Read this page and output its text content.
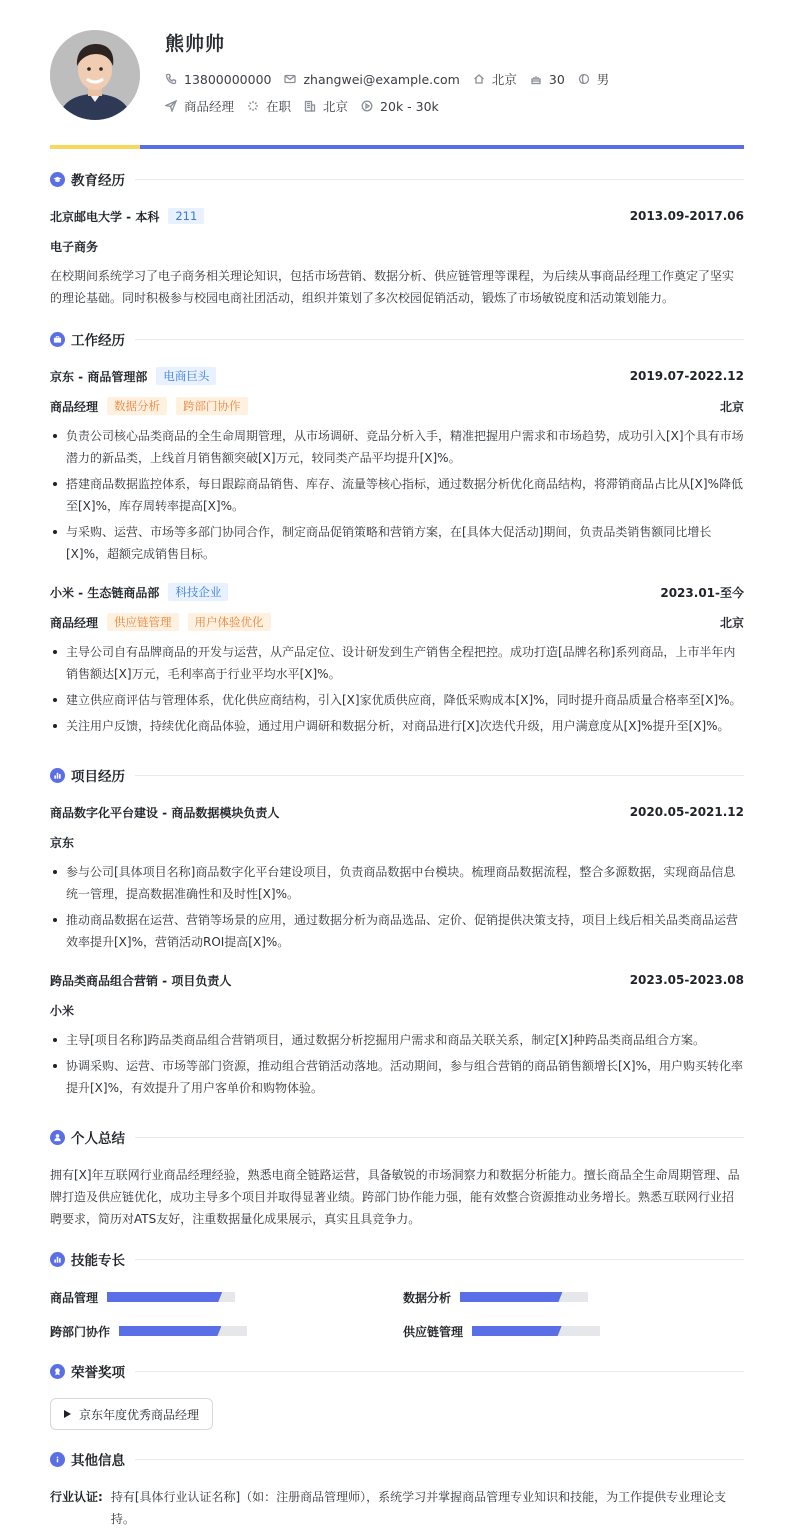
熊帅帅
13800000000	zhangwei@example.com	北京	30	男
商品经理	在职	北京	20k - 30k
教育经历
北京邮电大学 - 本科	211	2013.09-2017.06
电子商务
在校期间系统学习了电子商务相关理论知识，包括市场营销、数据分析、供应链管理等课程，为后续从事商品经理工作奠定了坚实的理论基础。同时积极参与校园电商社团活动，组织并策划了多次校园促销活动，锻炼了市场敏锐度和活动策划能力。
工作经历
京东 - 商品管理部	电商巨头	2019.07-2022.12
商品经理	数据分析	跨部门协作	北京
负责公司核心品类商品的全生命周期管理，从市场调研、竞品分析入手，精准把握用户需求和市场趋势，成功引入[X]个具有市场潜力的新品类，上线首月销售额突破[X]万元，较同类产品平均提升[X]%。
搭建商品数据监控体系，每日跟踪商品销售、库存、流量等核心指标，通过数据分析优化商品结构，将滞销商品占比从[X]%降低至[X]%，库存周转率提高[X]%。
与采购、运营、市场等多部门协同合作，制定商品促销策略和营销方案，在[具体大促活动]期间，负责品类销售额同比增长[X]%，超额完成销售目标。
小米 - 生态链商品部	科技企业	2023.01-至今
商品经理	供应链管理	用户体验优化	北京
主导公司自有品牌商品的开发与运营，从产品定位、设计研发到生产销售全程把控。成功打造[品牌名称]系列商品，上市半年内销售额达[X]万元，毛利率高于行业平均水平[X]%。
建立供应商评估与管理体系，优化供应商结构，引入[X]家优质供应商，降低采购成本[X]%，同时提升商品质量合格率至[X]%。
关注用户反馈，持续优化商品体验，通过用户调研和数据分析，对商品进行[X]次迭代升级，用户满意度从[X]%提升至[X]%。
项目经历
商品数字化平台建设 - 商品数据模块负责人	2020.05-2021.12
京东
参与公司[具体项目名称]商品数字化平台建设项目，负责商品数据中台模块。梳理商品数据流程，整合多源数据，实现商品信息统一管理，提高数据准确性和及时性[X]%。
推动商品数据在运营、营销等场景的应用，通过数据分析为商品选品、定价、促销提供决策支持，项目上线后相关品类商品运营效率提升[X]%，营销活动ROI提高[X]%。
跨品类商品组合营销 - 项目负责人	2023.05-2023.08
小米
主导[项目名称]跨品类商品组合营销项目，通过数据分析挖掘用户需求和商品关联关系，制定[X]种跨品类商品组合方案。
协调采购、运营、市场等部门资源，推动组合营销活动落地。活动期间，参与组合营销的商品销售额增长[X]%，用户购买转化率提升[X]%，有效提升了用户客单价和购物体验。
个人总结
拥有[X]年互联网行业商品经理经验，熟悉电商全链路运营，具备敏锐的市场洞察力和数据分析能力。擅长商品全生命周期管理、品牌打造及供应链优化，成功主导多个项目并取得显著业绩。跨部门协作能力强，能有效整合资源推动业务增长。熟悉互联网行业招聘要求，简历对ATS友好，注重数据量化成果展示，真实且具竞争力。
技能专长
商品管理	数据分析
跨部门协作	供应链管理
荣誉奖项
京东年度优秀商品经理
其他信息
行业认证: 持有[具体行业认证名称]（如：注册商品管理师），系统学习并掌握商品管理专业知识和技能，为工作提供专业理论支持。
